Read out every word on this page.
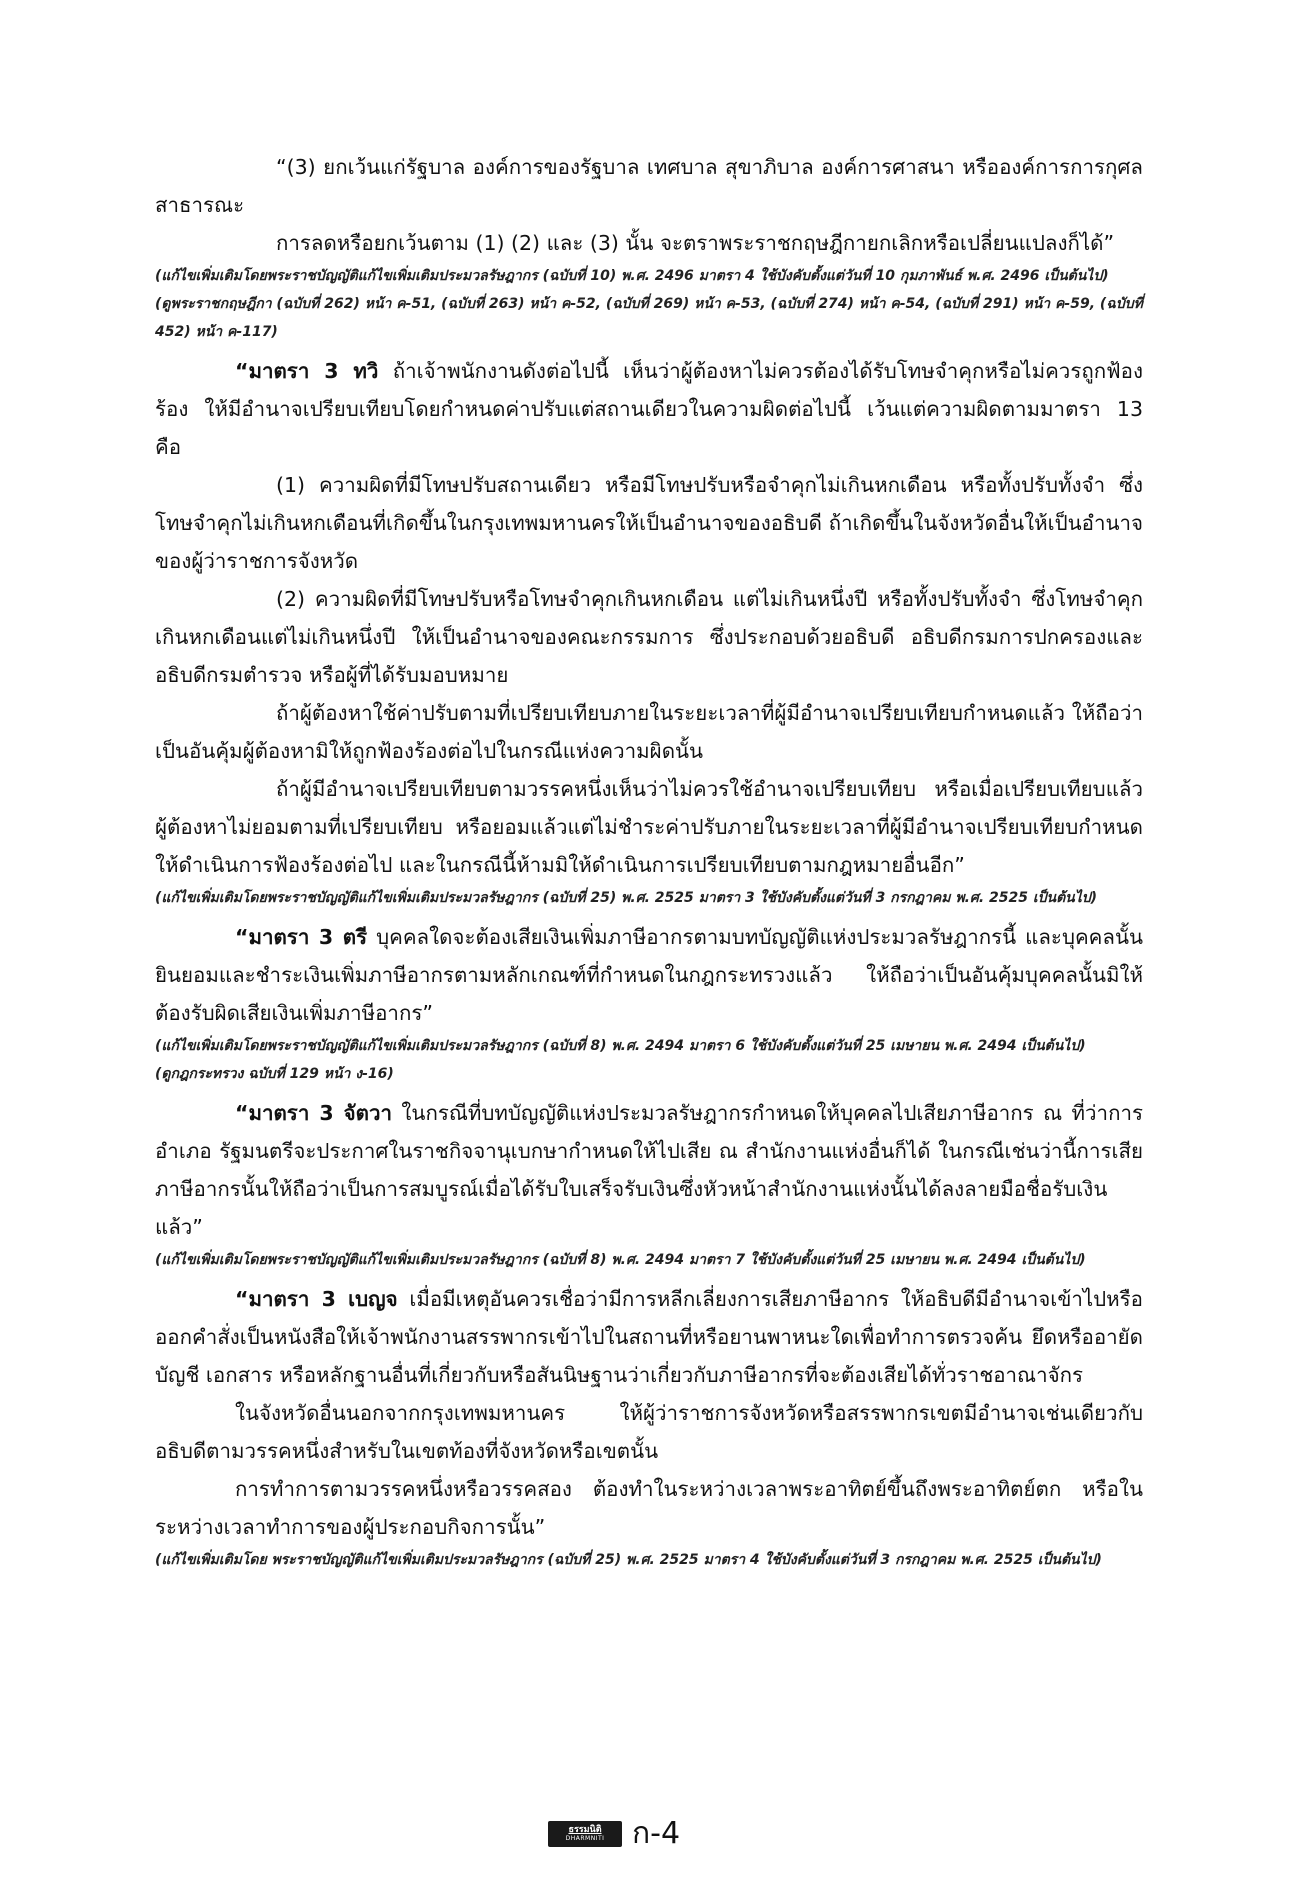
“(3) ยกเว้นแก่รัฐบาล องค์การของรัฐบาล เทศบาล สุขาภิบาล องค์การศาสนา หรือองค์การการกุศลสาธารณะ

การลดหรือยกเว้นตาม (1) (2) และ (3) นั้น จะตราพระราชกฤษฎีกายกเลิกหรือเปลี่ยนแปลงก็ได้”

(แก้ไขเพิ่มเติมโดยพระราชบัญญัติแก้ไขเพิ่มเติมประมวลรัษฎากร (ฉบับที่ 10) พ.ศ. 2496 มาตรา 4 ใช้บังคับตั้งแต่วันที่ 10 กุมภาพันธ์ พ.ศ. 2496 เป็นต้นไป)

(ดูพระราชกฤษฎีกา (ฉบับที่ 262) หน้า ค-51, (ฉบับที่ 263) หน้า ค-52, (ฉบับที่ 269) หน้า ค-53, (ฉบับที่ 274) หน้า ค-54, (ฉบับที่ 291) หน้า ค-59, (ฉบับที่ 452) หน้า ค-117)

“มาตรา 3 ทวิ ถ้าเจ้าพนักงานดังต่อไปนี้ เห็นว่าผู้ต้องหาไม่ควรต้องได้รับโทษจำคุกหรือไม่ควรถูกฟ้องร้อง ให้มีอำนาจเปรียบเทียบโดยกำหนดค่าปรับแต่สถานเดียวในความผิดต่อไปนี้ เว้นแต่ความผิดตามมาตรา 13 คือ

(1) ความผิดที่มีโทษปรับสถานเดียว หรือมีโทษปรับหรือจำคุกไม่เกินหกเดือน หรือทั้งปรับทั้งจำ ซึ่งโทษจำคุกไม่เกินหกเดือนที่เกิดขึ้นในกรุงเทพมหานครให้เป็นอำนาจของอธิบดี ถ้าเกิดขึ้นในจังหวัดอื่นให้เป็นอำนาจของผู้ว่าราชการจังหวัด

(2) ความผิดที่มีโทษปรับหรือโทษจำคุกเกินหกเดือน แต่ไม่เกินหนึ่งปี หรือทั้งปรับทั้งจำ ซึ่งโทษจำคุกเกินหกเดือนแต่ไม่เกินหนึ่งปี ให้เป็นอำนาจของคณะกรรมการ ซึ่งประกอบด้วยอธิบดี อธิบดีกรมการปกครองและอธิบดีกรมตำรวจ หรือผู้ที่ได้รับมอบหมาย

ถ้าผู้ต้องหาใช้ค่าปรับตามที่เปรียบเทียบภายในระยะเวลาที่ผู้มีอำนาจเปรียบเทียบกำหนดแล้ว ให้ถือว่าเป็นอันคุ้มผู้ต้องหามิให้ถูกฟ้องร้องต่อไปในกรณีแห่งความผิดนั้น

ถ้าผู้มีอำนาจเปรียบเทียบตามวรรคหนึ่งเห็นว่าไม่ควรใช้อำนาจเปรียบเทียบ หรือเมื่อเปรียบเทียบแล้วผู้ต้องหาไม่ยอมตามที่เปรียบเทียบ หรือยอมแล้วแต่ไม่ชำระค่าปรับภายในระยะเวลาที่ผู้มีอำนาจเปรียบเทียบกำหนดให้ดำเนินการฟ้องร้องต่อไป และในกรณีนี้ห้ามมิให้ดำเนินการเปรียบเทียบตามกฎหมายอื่นอีก”

(แก้ไขเพิ่มเติมโดยพระราชบัญญัติแก้ไขเพิ่มเติมประมวลรัษฎากร (ฉบับที่ 25) พ.ศ. 2525 มาตรา 3 ใช้บังคับตั้งแต่วันที่ 3 กรกฎาคม พ.ศ. 2525 เป็นต้นไป)

“มาตรา 3 ตรี บุคคลใดจะต้องเสียเงินเพิ่มภาษีอากรตามบทบัญญัติแห่งประมวลรัษฎากรนี้ และบุคคลนั้นยินยอมและชำระเงินเพิ่มภาษีอากรตามหลักเกณฑ์ที่กำหนดในกฎกระทรวงแล้ว ให้ถือว่าเป็นอันคุ้มบุคคลนั้นมิให้ต้องรับผิดเสียเงินเพิ่มภาษีอากร”

(แก้ไขเพิ่มเติมโดยพระราชบัญญัติแก้ไขเพิ่มเติมประมวลรัษฎากร (ฉบับที่ 8) พ.ศ. 2494 มาตรา 6 ใช้บังคับตั้งแต่วันที่ 25 เมษายน พ.ศ. 2494 เป็นต้นไป)

(ดูกฎกระทรวง ฉบับที่ 129 หน้า ง-16)

“มาตรา 3 จัตวา ในกรณีที่บทบัญญัติแห่งประมวลรัษฎากรกำหนดให้บุคคลไปเสียภาษีอากร ณ ที่ว่าการอำเภอ รัฐมนตรีจะประกาศในราชกิจจานุเบกษากำหนดให้ไปเสีย ณ สำนักงานแห่งอื่นก็ได้ ในกรณีเช่นว่านี้การเสียภาษีอากรนั้นให้ถือว่าเป็นการสมบูรณ์เมื่อได้รับใบเสร็จรับเงินซึ่งหัวหน้าสำนักงานแห่งนั้นได้ลงลายมือชื่อรับเงินแล้ว”

(แก้ไขเพิ่มเติมโดยพระราชบัญญัติแก้ไขเพิ่มเติมประมวลรัษฎากร (ฉบับที่ 8) พ.ศ. 2494 มาตรา 7 ใช้บังคับตั้งแต่วันที่ 25 เมษายน พ.ศ. 2494 เป็นต้นไป)

“มาตรา 3 เบญจ เมื่อมีเหตุอันควรเชื่อว่ามีการหลีกเลี่ยงการเสียภาษีอากร ให้อธิบดีมีอำนาจเข้าไปหรือออกคำสั่งเป็นหนังสือให้เจ้าพนักงานสรรพากรเข้าไปในสถานที่หรือยานพาหนะใดเพื่อทำการตรวจค้น ยึดหรืออายัดบัญชี เอกสาร หรือหลักฐานอื่นที่เกี่ยวกับหรือสันนิษฐานว่าเกี่ยวกับภาษีอากรที่จะต้องเสียได้ทั่วราชอาณาจักร

ในจังหวัดอื่นนอกจากกรุงเทพมหานคร ให้ผู้ว่าราชการจังหวัดหรือสรรพากรเขตมีอำนาจเช่นเดียวกับอธิบดีตามวรรคหนึ่งสำหรับในเขตท้องที่จังหวัดหรือเขตนั้น

การทำการตามวรรคหนึ่งหรือวรรคสอง ต้องทำในระหว่างเวลาพระอาทิตย์ขึ้นถึงพระอาทิตย์ตก หรือในระหว่างเวลาทำการของผู้ประกอบกิจการนั้น”

(แก้ไขเพิ่มเติมโดย พระราชบัญญัติแก้ไขเพิ่มเติมประมวลรัษฎากร (ฉบับที่ 25) พ.ศ. 2525 มาตรา 4 ใช้บังคับตั้งแต่วันที่ 3 กรกฎาคม พ.ศ. 2525 เป็นต้นไป)

ธรรมนิติ
DHARMNITI ก-4
